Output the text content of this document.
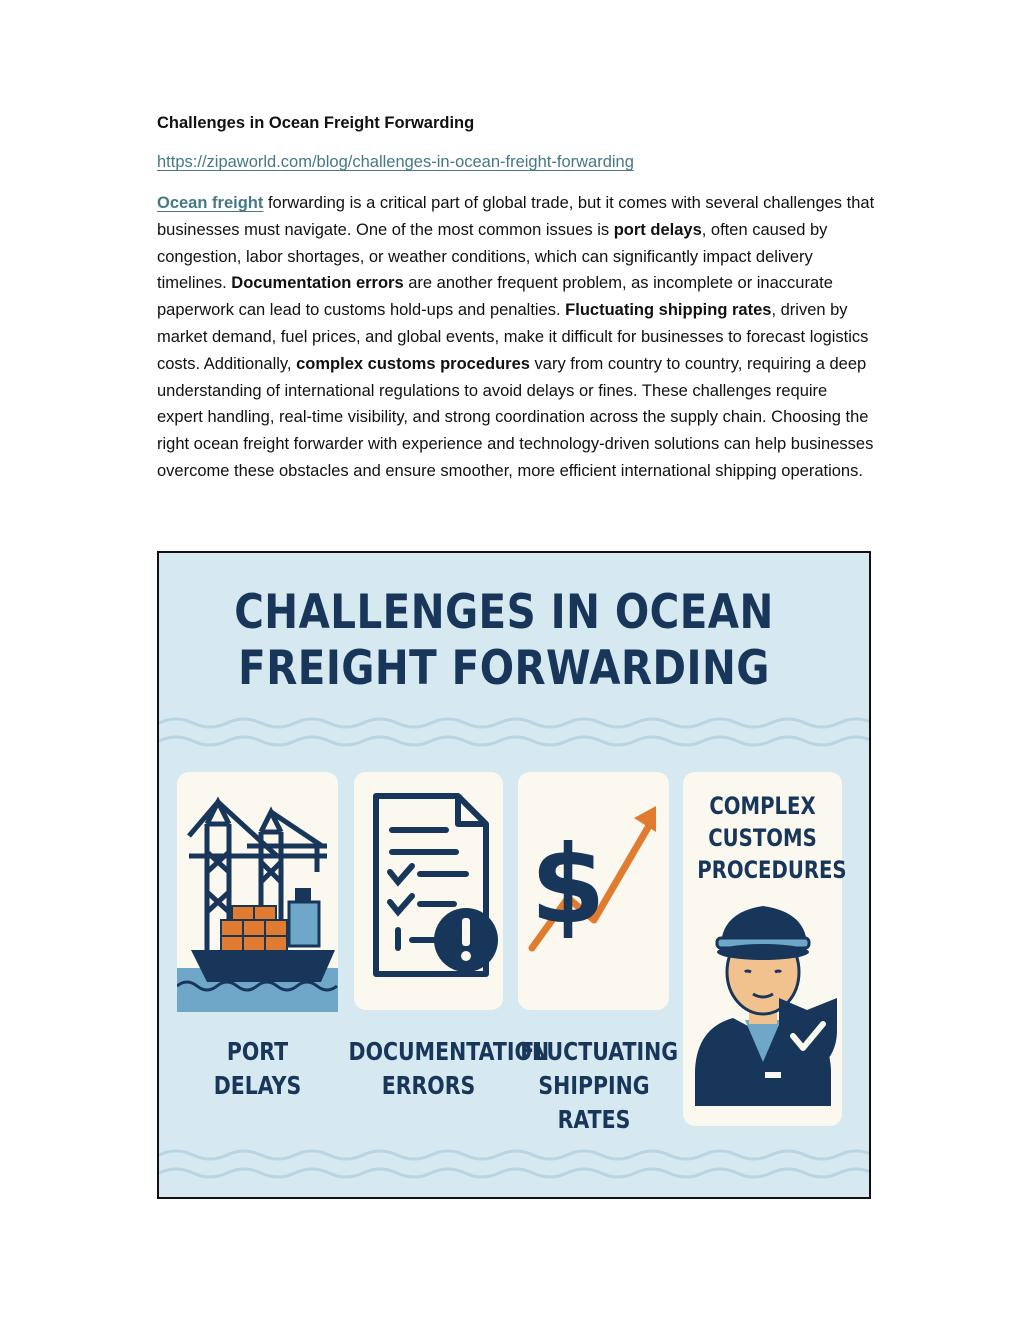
Challenges in Ocean Freight Forwarding
https://zipaworld.com/blog/challenges-in-ocean-freight-forwarding

Ocean freight forwarding is a critical part of global trade, but it comes with several challenges that businesses must navigate. One of the most common issues is port delays, often caused by congestion, labor shortages, or weather conditions, which can significantly impact delivery timelines. Documentation errors are another frequent problem, as incomplete or inaccurate paperwork can lead to customs hold-ups and penalties. Fluctuating shipping rates, driven by market demand, fuel prices, and global events, make it difficult for businesses to forecast logistics costs. Additionally, complex customs procedures vary from country to country, requiring a deep understanding of international regulations to avoid delays or fines. These challenges require expert handling, real-time visibility, and strong coordination across the supply chain. Choosing the right ocean freight forwarder with experience and technology-driven solutions can help businesses overcome these obstacles and ensure smoother, more efficient international shipping operations.

CHALLENGES IN OCEAN
FREIGHT FORWARDING
PORT
DELAYS
DOCUMENTATION
ERRORS
$
FLUCTUATING
SHIPPING
RATES
COMPLEX
CUSTOMS
PROCEDURES
